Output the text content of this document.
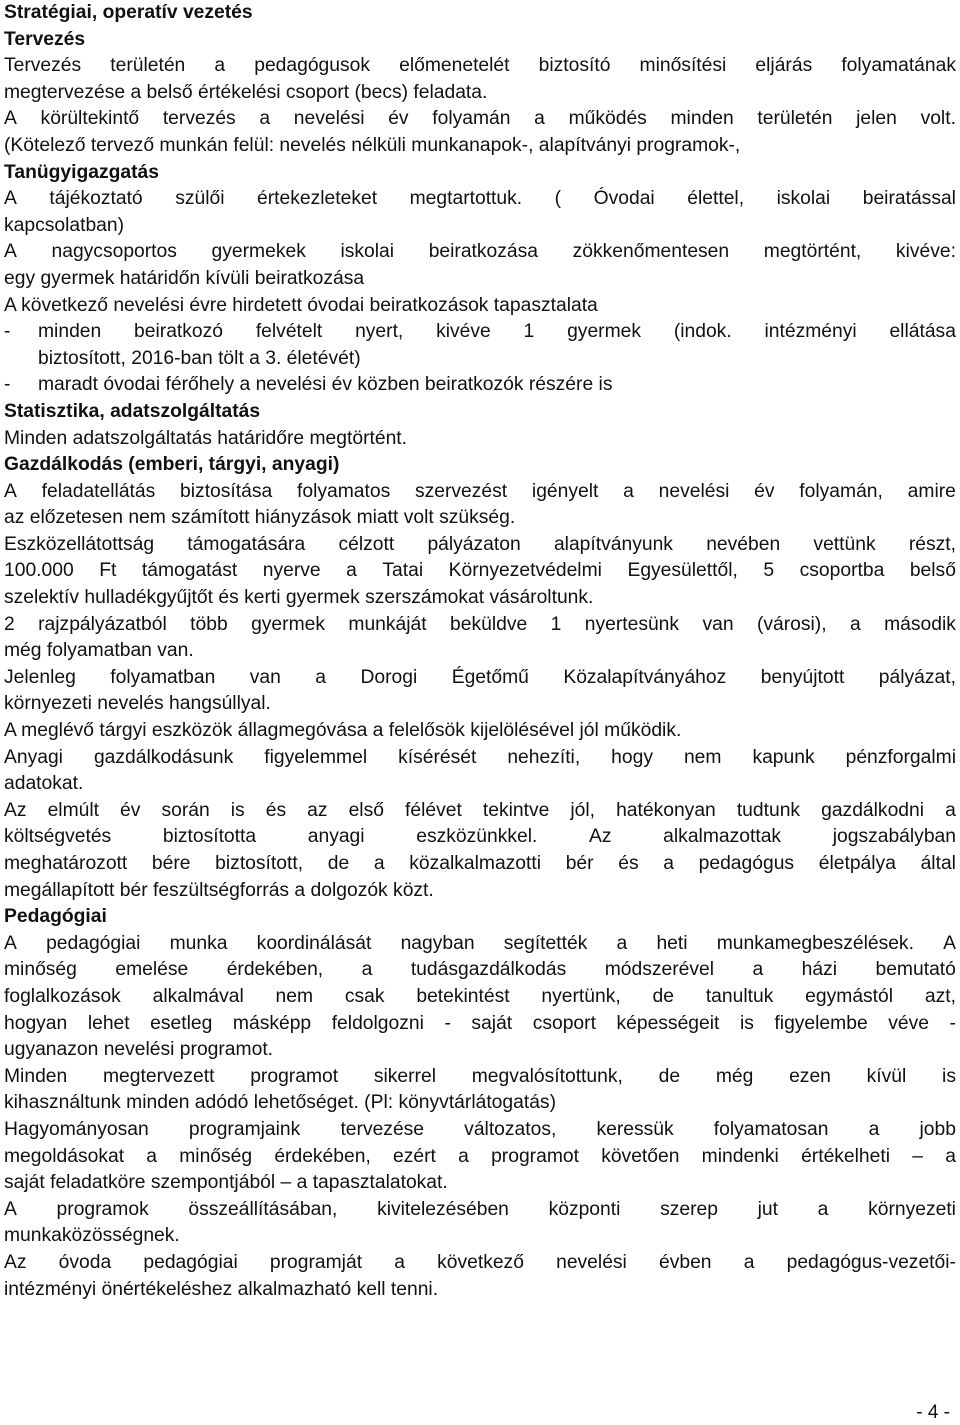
Stratégiai, operatív vezetés
Tervezés
Tervezés területén a pedagógusok előmenetelét biztosító minősítési eljárás folyamatának
megtervezése a belső értékelési csoport (becs) feladata.
A körültekintő tervezés a nevelési év folyamán a működés minden területén jelen volt.
(Kötelező tervező munkán felül: nevelés nélküli munkanapok-, alapítványi programok-,
Tanügyigazgatás
A tájékoztató szülői értekezleteket megtartottuk. ( Óvodai élettel, iskolai beiratással
kapcsolatban)
A nagycsoportos gyermekek iskolai beiratkozása zökkenőmentesen megtörtént, kivéve:
egy gyermek határidőn kívüli beiratkozása
A következő nevelési évre hirdetett óvodai beiratkozások tapasztalata
-	minden beiratkozó felvételt nyert, kivéve 1 gyermek (indok. intézményi ellátása
biztosított, 2016-ban tölt a 3. életévét)
-	maradt óvodai férőhely a nevelési év közben beiratkozók részére is
Statisztika, adatszolgáltatás
Minden adatszolgáltatás határidőre megtörtént.
Gazdálkodás (emberi, tárgyi, anyagi)
A feladatellátás biztosítása folyamatos szervezést igényelt a nevelési év folyamán, amire
az előzetesen nem számított hiányzások miatt volt szükség.
Eszközellátottság támogatására célzott pályázaton alapítványunk nevében vettünk részt,
100.000 Ft támogatást nyerve a Tatai Környezetvédelmi Egyesülettől, 5 csoportba belső
szelektív hulladékgyűjtőt és kerti gyermek szerszámokat vásároltunk.
2 rajzpályázatból több gyermek munkáját beküldve 1 nyertesünk van (városi), a második
még folyamatban van.
Jelenleg folyamatban van a Dorogi Égetőmű Közalapítványához benyújtott pályázat,
környezeti nevelés hangsúllyal.
A meglévő tárgyi eszközök állagmegóvása a felelősök kijelölésével jól működik.
Anyagi gazdálkodásunk figyelemmel kísérését nehezíti, hogy nem kapunk pénzforgalmi
adatokat.
Az elmúlt év során is és az első félévet tekintve jól, hatékonyan tudtunk gazdálkodni a
költségvetés	biztosította	anyagi	eszközünkkel.	Az	alkalmazottak	jogszabályban
meghatározott bére biztosított, de a közalkalmazotti bér és a pedagógus életpálya által
megállapított bér feszültségforrás a dolgozók közt.
Pedagógiai
A pedagógiai munka koordinálását nagyban segítették a heti munkamegbeszélések. A
minőség emelése érdekében, a tudásgazdálkodás módszerével a házi bemutató
foglalkozások alkalmával nem csak betekintést nyertünk, de tanultuk egymástól azt,
hogyan lehet esetleg másképp feldolgozni - saját csoport képességeit is figyelembe véve -
ugyanazon nevelési programot.
Minden megtervezett programot sikerrel megvalósítottunk, de még ezen kívül is
kihasználtunk minden adódó lehetőséget. (Pl: könyvtárlátogatás)
Hagyományosan programjaink tervezése változatos, keressük folyamatosan a jobb
megoldásokat a minőség érdekében, ezért a programot követően mindenki értékelheti – a
saját feladatköre szempontjából – a tapasztalatokat.
A programok összeállításában, kivitelezésében központi szerep jut a környezeti
munkaközösségnek.
Az óvoda pedagógiai programját a következő nevelési évben a pedagógus-vezetői-
intézményi önértékeléshez alkalmazható kell tenni.
- 4 -
